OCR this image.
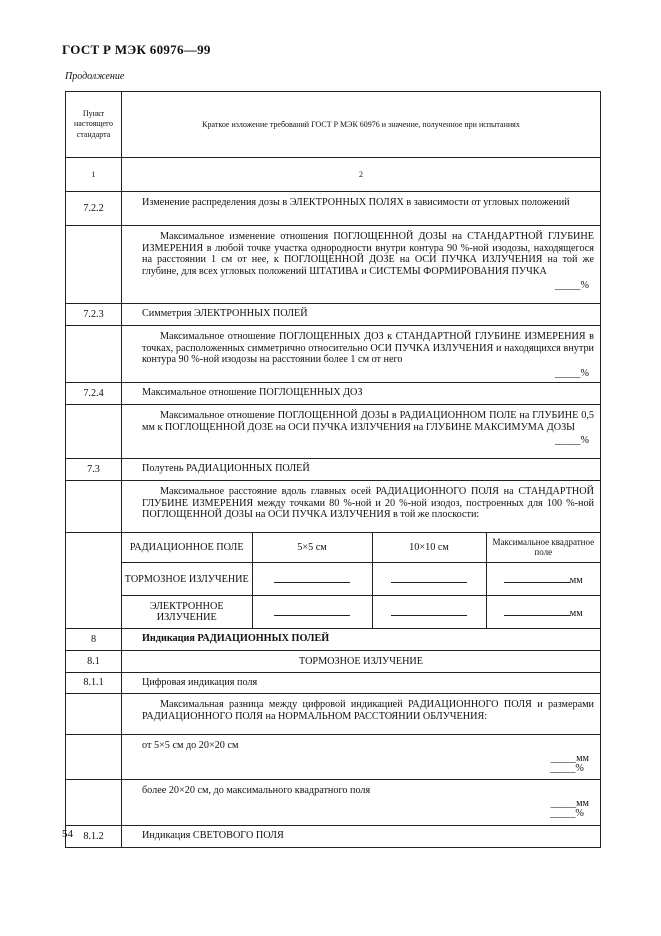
ГОСТ Р МЭК 60976—99
Продолжение
Пункт настоящего стандарта	Краткое изложение требований ГОСТ Р МЭК 60976 и значение, полученное при испытаниях
1	2
7.2.2	Изменение распределения дозы в ЭЛЕКТРОННЫХ ПОЛЯХ в зависимости от угловых положений

Максимальное изменение отношения ПОГЛОЩЕННОЙ ДОЗЫ на СТАНДАРТНОЙ ГЛУБИНЕ ИЗМЕРЕНИЯ в любой точке участка однородности внутри контура 90 %-ной изодозы, находящегося на расстоянии 1 см от нее, к ПОГЛОЩЕННОЙ ДОЗЕ на ОСИ ПУЧКА ИЗЛУЧЕНИЯ на той же глубине, для всех угловых положений ШТАТИВА и СИСТЕМЫ ФОРМИРОВАНИЯ ПУЧКА
_____%

7.2.3	Симметрия ЭЛЕКТРОННЫХ ПОЛЕЙ

Максимальное отношение ПОГЛОЩЕННЫХ ДОЗ к СТАНДАРТНОЙ ГЛУБИНЕ ИЗМЕРЕНИЯ в точках, расположенных симметрично относительно ОСИ ПУЧКА ИЗЛУЧЕНИЯ и находящихся внутри контура 90 %-ной изодозы на расстоянии более 1 см от него
_____%

7.2.4	Максимальное отношение ПОГЛОЩЕННЫХ ДОЗ

Максимальное отношение ПОГЛОЩЕННОЙ ДОЗЫ в РАДИАЦИОННОМ ПОЛЕ на ГЛУБИНЕ 0,5 мм к ПОГЛОЩЕННОЙ ДОЗЕ на ОСИ ПУЧКА ИЗЛУЧЕНИЯ на ГЛУБИНЕ МАКСИМУМА ДОЗЫ
_____%

7.3	Полутень РАДИАЦИОННЫХ ПОЛЕЙ

Максимальное расстояние вдоль главных осей РАДИАЦИОННОГО ПОЛЯ на СТАНДАРТНОЙ ГЛУБИНЕ ИЗМЕРЕНИЯ между точками 80 %-ной и 20 %-ной изодоз, построенных для 100 %-ной ПОГЛОЩЕННОЙ ДОЗЫ на ОСИ ПУЧКА ИЗЛУЧЕНИЯ в той же плоскости:

РАДИАЦИОННОЕ ПОЛЕ	5×5 см	10×10 см	Максимальное квадратное поле
ТОРМОЗНОЕ ИЗЛУЧЕНИЕ			мм
ЭЛЕКТРОННОЕ ИЗЛУЧЕНИЕ			мм

8	Индикация РАДИАЦИОННЫХ ПОЛЕЙ
8.1	ТОРМОЗНОЕ ИЗЛУЧЕНИЕ
8.1.1	Цифровая индикация поля

Максимальная разница между цифровой индикацией РАДИАЦИОННОГО ПОЛЯ и размерами РАДИАЦИОННОГО ПОЛЯ на НОРМАЛЬНОМ РАССТОЯНИИ ОБЛУЧЕНИЯ:

от 5×5 см до 20×20 см
_____мм
_____%

более 20×20 см, до максимального квадратного поля
_____мм
_____%

8.1.2	Индикация СВЕТОВОГО ПОЛЯ
54
